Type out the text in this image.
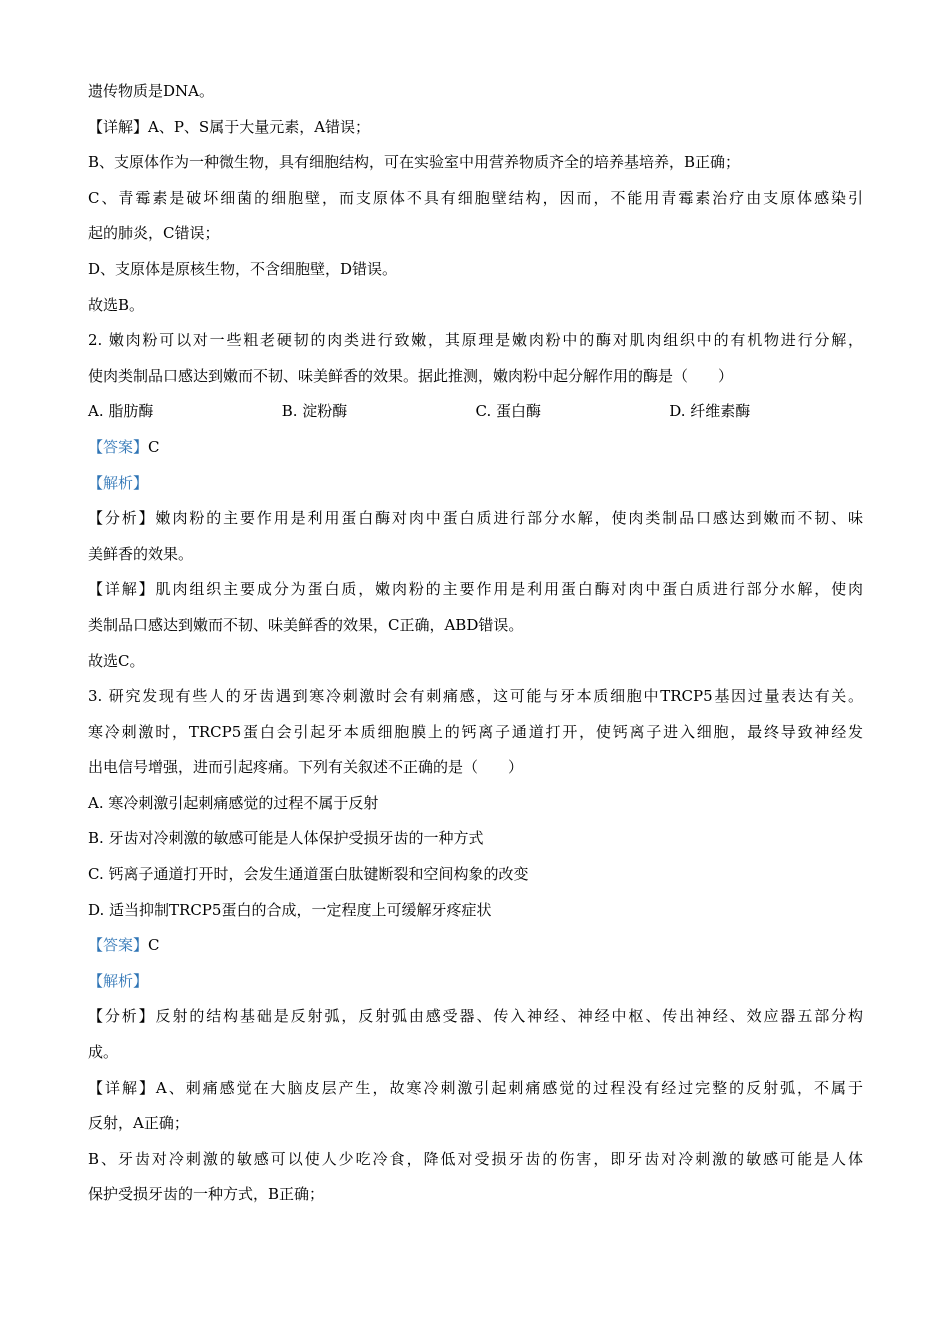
遗传物质是DNA。
【详解】A、P、S属于大量元素，A错误；
B、支原体作为一种微生物，具有细胞结构，可在实验室中用营养物质齐全的培养基培养，B正确；
C、青霉素是破坏细菌的细胞壁，而支原体不具有细胞壁结构，因而，不能用青霉素治疗由支原体感染引
起的肺炎，C错误；
D、支原体是原核生物，不含细胞壁，D错误。
故选B。
2. 嫩肉粉可以对一些粗老硬韧的肉类进行致嫩，其原理是嫩肉粉中的酶对肌肉组织中的有机物进行分解，
使肉类制品口感达到嫩而不韧、味美鲜香的效果。据此推测，嫩肉粉中起分解作用的酶是（　　）
A. 脂肪酶	B. 淀粉酶	C. 蛋白酶	D. 纤维素酶
【答案】C
【解析】
【分析】嫩肉粉的主要作用是利用蛋白酶对肉中蛋白质进行部分水解，使肉类制品口感达到嫩而不韧、味
美鲜香的效果。
【详解】肌肉组织主要成分为蛋白质，嫩肉粉的主要作用是利用蛋白酶对肉中蛋白质进行部分水解，使肉
类制品口感达到嫩而不韧、味美鲜香的效果，C正确，ABD错误。
故选C。
3. 研究发现有些人的牙齿遇到寒冷刺激时会有刺痛感，这可能与牙本质细胞中TRCP5基因过量表达有关。
寒冷刺激时，TRCP5蛋白会引起牙本质细胞膜上的钙离子通道打开，使钙离子进入细胞，最终导致神经发
出电信号增强，进而引起疼痛。下列有关叙述不正确的是（　　）
A. 寒冷刺激引起刺痛感觉的过程不属于反射
B. 牙齿对冷刺激的敏感可能是人体保护受损牙齿的一种方式
C. 钙离子通道打开时，会发生通道蛋白肽键断裂和空间构象的改变
D. 适当抑制TRCP5蛋白的合成，一定程度上可缓解牙疼症状
【答案】C
【解析】
【分析】反射的结构基础是反射弧，反射弧由感受器、传入神经、神经中枢、传出神经、效应器五部分构
成。
【详解】A、刺痛感觉在大脑皮层产生，故寒冷刺激引起刺痛感觉的过程没有经过完整的反射弧，不属于
反射，A正确；
B、牙齿对冷刺激的敏感可以使人少吃冷食，降低对受损牙齿的伤害，即牙齿对冷刺激的敏感可能是人体
保护受损牙齿的一种方式，B正确；
